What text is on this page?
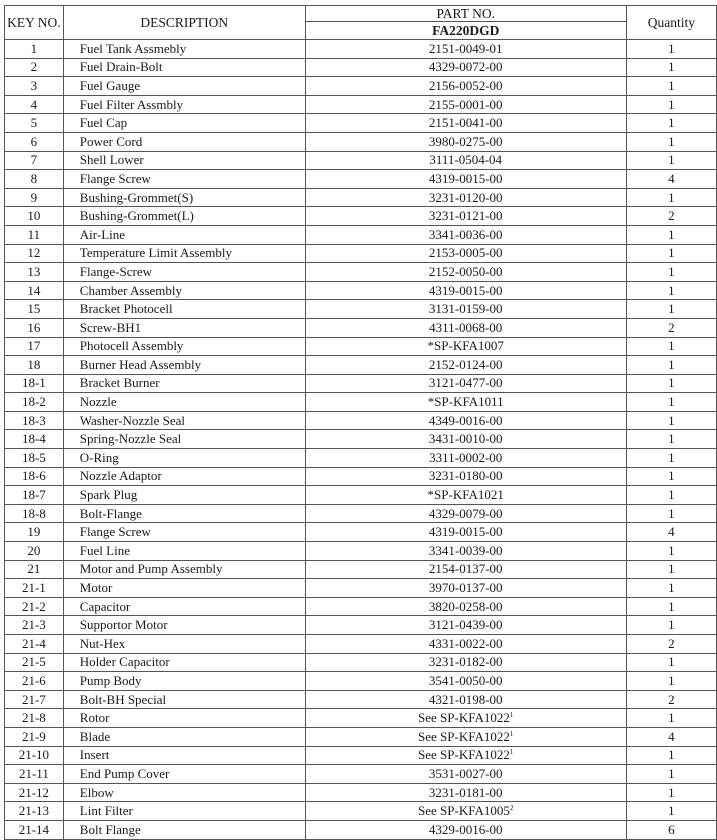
KEY NO.	DESCRIPTION	PART NO.	Quantity
		FA220DGD	
1	Fuel Tank Assmebly	2151-0049-01	1
2	Fuel Drain-Bolt	4329-0072-00	1
3	Fuel Gauge	2156-0052-00	1
4	Fuel Filter Assmbly	2155-0001-00	1
5	Fuel Cap	2151-0041-00	1
6	Power Cord	3980-0275-00	1
7	Shell Lower	3111-0504-04	1
8	Flange Screw	4319-0015-00	4
9	Bushing-Grommet(S)	3231-0120-00	1
10	Bushing-Grommet(L)	3231-0121-00	2
11	Air-Line	3341-0036-00	1
12	Temperature Limit Assembly	2153-0005-00	1
13	Flange-Screw	2152-0050-00	1
14	Chamber Assembly	4319-0015-00	1
15	Bracket Photocell	3131-0159-00	1
16	Screw-BH1	4311-0068-00	2
17	Photocell Assembly	*SP-KFA1007	1
18	Burner Head Assembly	2152-0124-00	1
18-1	Bracket Burner	3121-0477-00	1
18-2	Nozzle	*SP-KFA1011	1
18-3	Washer-Nozzle Seal	4349-0016-00	1
18-4	Spring-Nozzle Seal	3431-0010-00	1
18-5	O-Ring	3311-0002-00	1
18-6	Nozzle Adaptor	3231-0180-00	1
18-7	Spark Plug	*SP-KFA1021	1
18-8	Bolt-Flange	4329-0079-00	1
19	Flange Screw	4319-0015-00	4
20	Fuel Line	3341-0039-00	1
21	Motor and Pump Assembly	2154-0137-00	1
21-1	Motor	3970-0137-00	1
21-2	Capacitor	3820-0258-00	1
21-3	Supportor Motor	3121-0439-00	1
21-4	Nut-Hex	4331-0022-00	2
21-5	Holder Capacitor	3231-0182-00	1
21-6	Pump Body	3541-0050-00	1
21-7	Bolt-BH Special	4321-0198-00	2
21-8	Rotor	See SP-KFA1022$^1$	1
21-9	Blade	See SP-KFA1022$^1$	4
21-10	Insert	See SP-KFA1022$^1$	1
21-11	End Pump Cover	3531-0027-00	1
21-12	Elbow	3231-0181-00	1
21-13	Lint Filter	See SP-KFA1005$^2$	1
21-14	Bolt Flange	4329-0016-00	6
